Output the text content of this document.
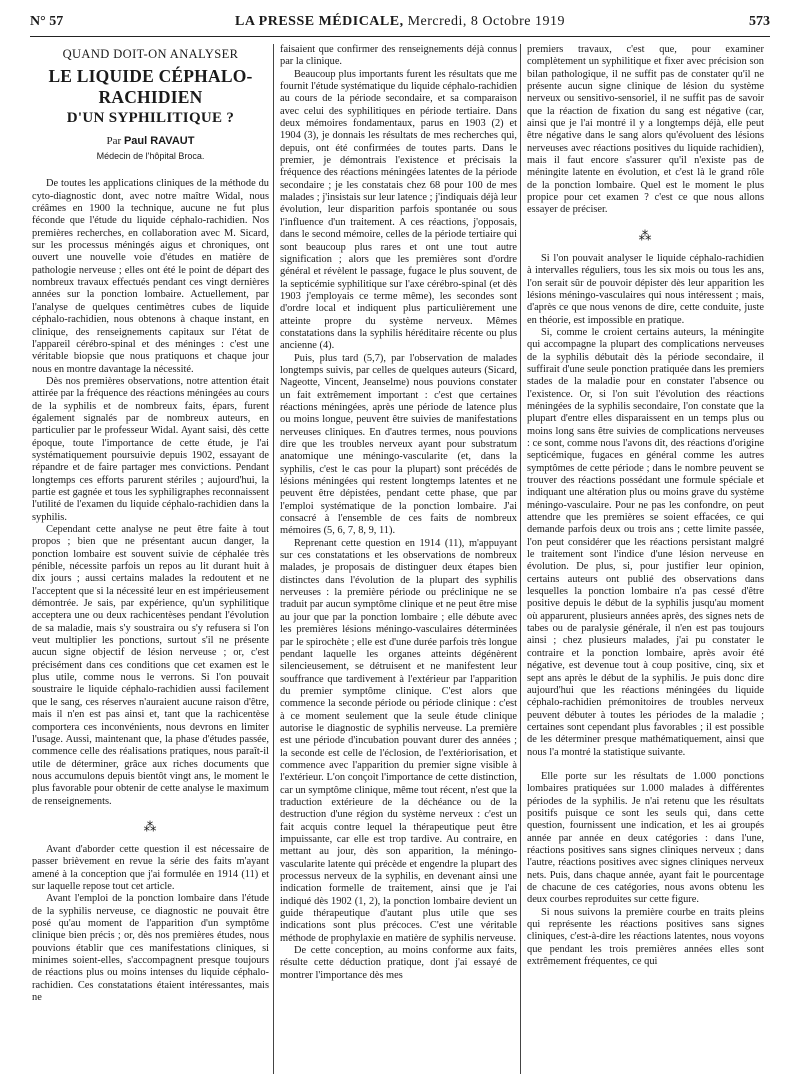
N° 57	LA PRESSE MÉDICALE, Mercredi, 8 Octobre 1919	573
QUAND DOIT-ON ANALYSER
LE LIQUIDE CÉPHALO-RACHIDIEN
D'UN SYPHILITIQUE ?
Par Paul RAVAUT
Médecin de l'hôpital Broca.

De toutes les applications cliniques de la méthode du cyto-diagnostic dont, avec notre maître Widal, nous créâmes en 1900 la technique, aucune ne fut plus féconde que l'étude du liquide céphalo-rachidien. Nos premières recherches, en collaboration avec M. Sicard, sur les processus méningés aigus et chroniques, ont ouvert une nouvelle voie d'études en matière de pathologie nerveuse ; elles ont été le point de départ des nombreux travaux effectués pendant ces vingt dernières années sur la ponction lombaire. Actuellement, par l'analyse de quelques centimètres cubes de liquide céphalo-rachidien, nous obtenons à chaque instant, en clinique, des renseignements capitaux sur l'état de l'appareil cérébro-spinal et des méninges : c'est une véritable biopsie que nous pratiquons et chaque jour nous en montre davantage la nécessité.

Dès nos premières observations, notre attention était attirée par la fréquence des réactions méningées au cours de la syphilis et de nombreux faits, épars, furent également signalés par de nombreux auteurs, en particulier par le professeur Widal. Ayant saisi, dès cette époque, toute l'importance de cette étude, je l'ai systématiquement poursuivie depuis 1902, essayant de répandre et de faire partager mes convictions. Pendant longtemps ces efforts parurent stériles ; aujourd'hui, la partie est gagnée et tous les syphiligraphes reconnaissent l'utilité de l'examen du liquide céphalo-rachidien dans la syphilis.

Cependant cette analyse ne peut être faite à tout propos ; bien que ne présentant aucun danger, la ponction lombaire est souvent suivie de céphalée très pénible, nécessite parfois un repos au lit durant huit à dix jours ; aussi certains malades la redoutent et ne l'acceptent que si la nécessité leur en est impérieusement démontrée. Je sais, par expérience, qu'un syphilitique acceptera une ou deux rachicentèses pendant l'évolution de sa maladie, mais s'y soustraira ou s'y refusera si l'on veut multiplier les ponctions, surtout s'il ne présente aucun signe objectif de lésion nerveuse ; or, c'est précisément dans ces conditions que cet examen est le plus utile, comme nous le verrons. Si l'on pouvait soustraire le liquide céphalo-rachidien aussi facilement que le sang, ces réserves n'auraient aucune raison d'être, mais il n'en est pas ainsi et, tant que la rachicentèse comportera ces inconvénients, nous devrons en limiter l'usage. Aussi, maintenant que, la phase d'études passée, commence celle des réalisations pratiques, nous paraît-il utile de déterminer, grâce aux riches documents que nous accumulons depuis bientôt vingt ans, le moment le plus favorable pour obtenir de cette analyse le maximum de renseignements.

⁂

Avant d'aborder cette question il est nécessaire de passer brièvement en revue la série des faits m'ayant amené à la conception que j'ai formulée en 1914 (11) et sur laquelle repose tout cet article.

Avant l'emploi de la ponction lombaire dans l'étude de la syphilis nerveuse, ce diagnostic ne pouvait être posé qu'au moment de l'apparition d'un symptôme clinique bien précis ; or, dès nos premières études, nous pouvions établir que ces manifestations cliniques, si minimes soient-elles, s'accompagnent presque toujours de réactions plus ou moins intenses du liquide céphalo-rachidien. Ces constatations étaient intéressantes, mais ne

faisaient que confirmer des renseignements déjà connus par la clinique.

Beaucoup plus importants furent les résultats que me fournit l'étude systématique du liquide céphalo-rachidien au cours de la période secondaire, et sa comparaison avec celui des syphilitiques en période tertiaire. Dans deux mémoires fondamentaux, parus en 1903 (2) et 1904 (3), je donnais les résultats de mes recherches qui, depuis, ont été confirmées de toutes parts. Dans le premier, je démontrais l'existence et précisais la fréquence des réactions méningées latentes de la période secondaire ; je les constatais chez 68 pour 100 de mes malades ; j'insistais sur leur latence ; j'indiquais déjà leur évolution, leur disparition parfois spontanée ou sous l'influence d'un traitement. A ces réactions, j'opposais, dans le second mémoire, celles de la période tertiaire qui sont beaucoup plus rares et ont une tout autre signification ; alors que les premières sont d'ordre général et révèlent le passage, fugace le plus souvent, de la septicémie syphilitique sur l'axe cérébro-spinal (et dès 1903 j'employais ce terme même), les secondes sont d'ordre local et indiquent plus particulièrement une atteinte propre du système nerveux. Mêmes constatations dans la syphilis héréditaire récente ou plus ancienne (4).

Puis, plus tard (5,7), par l'observation de malades longtemps suivis, par celles de quelques auteurs (Sicard, Nageotte, Vincent, Jeanselme) nous pouvions constater un fait extrêmement important : c'est que certaines réactions méningées, après une période de latence plus ou moins longue, peuvent être suivies de manifestations nerveuses cliniques. En d'autres termes, nous pouvions dire que les troubles nerveux ayant pour substratum anatomique une méningo-vascularite (et, dans la syphilis, c'est le cas pour la plupart) sont précédés de lésions méningées qui restent longtemps latentes et ne peuvent être dépistées, pendant cette phase, que par l'emploi systématique de la ponction lombaire. J'ai consacré à l'ensemble de ces faits de nombreux mémoires (5, 6, 7, 8, 9, 11).

Reprenant cette question en 1914 (11), m'appuyant sur ces constatations et les observations de nombreux malades, je proposais de distinguer deux étapes bien distinctes dans l'évolution de la plupart des syphilis nerveuses : la première période ou préclinique ne se traduit par aucun symptôme clinique et ne peut être mise au jour que par la ponction lombaire ; elle débute avec les premières lésions méningo-vasculaires déterminées par le spirochète ; elle est d'une durée parfois très longue pendant laquelle les organes atteints dégénèrent silencieusement, se détruisent et ne manifestent leur souffrance que tardivement à l'extérieur par l'apparition du premier symptôme clinique. C'est alors que commence la seconde période ou période clinique : c'est à ce moment seulement que la seule étude clinique autorise le diagnostic de syphilis nerveuse. La première est une période d'incubation pouvant durer des années ; la seconde est celle de l'éclosion, de l'extériorisation, et commence avec l'apparition du premier signe visible à l'extérieur. L'on conçoit l'importance de cette distinction, car un symptôme clinique, même tout récent, n'est que la traduction extérieure de la déchéance ou de la destruction d'une région du système nerveux : c'est un fait acquis contre lequel la thérapeutique peut être impuissante, car elle est trop tardive. Au contraire, en mettant au jour, dès son apparition, la méningo-vascularite latente qui précède et engendre la plupart des processus nerveux de la syphilis, en devenant ainsi une indication formelle de traitement, ainsi que je l'ai indiqué dès 1902 (1, 2), la ponction lombaire devient un guide thérapeutique d'autant plus utile que ses indications sont plus précoces. C'est une véritable méthode de prophylaxie en matière de syphilis nerveuse.

De cette conception, au moins conforme aux faits, résulte cette déduction pratique, dont j'ai essayé de montrer l'importance dès mes

premiers travaux, c'est que, pour examiner complètement un syphilitique et fixer avec précision son bilan pathologique, il ne suffit pas de constater qu'il ne présente aucun signe clinique de lésion du système nerveux ou sensitivo-sensoriel, il ne suffit pas de savoir que la réaction de fixation du sang est négative (car, ainsi que je l'ai montré il y a longtemps déjà, elle peut être négative dans le sang alors qu'évoluent des lésions nerveuses avec réactions positives du liquide rachidien), mais il faut encore s'assurer qu'il n'existe pas de méningite latente en évolution, et c'est là le grand rôle de la ponction lombaire. Quel est le moment le plus propice pour cet examen ? c'est ce que nous allons essayer de préciser.

⁂

Si l'on pouvait analyser le liquide céphalo-rachidien à intervalles réguliers, tous les six mois ou tous les ans, l'on serait sûr de pouvoir dépister dès leur apparition les lésions méningo-vasculaires qui nous intéressent ; mais, d'après ce que nous venons de dire, cette conduite, juste en théorie, est impossible en pratique.

Si, comme le croient certains auteurs, la méningite qui accompagne la plupart des complications nerveuses de la syphilis débutait dès la période secondaire, il suffirait d'une seule ponction pratiquée dans les premiers stades de la maladie pour en constater l'absence ou l'existence. Or, si l'on suit l'évolution des réactions méningées de la syphilis secondaire, l'on constate que la plupart d'entre elles disparaissent en un temps plus ou moins long sans être suivies de complications nerveuses : ce sont, comme nous l'avons dit, des réactions d'origine septicémique, fugaces en général comme les autres symptômes de cette période ; dans le nombre peuvent se trouver des réactions possédant une formule spéciale et indiquant une altération plus ou moins grave du système méningo-vasculaire. Pour ne pas les confondre, on peut attendre que les premières se soient effacées, ce qui demande parfois deux ou trois ans ; cette limite passée, l'on peut considérer que les réactions persistant malgré le traitement sont l'indice d'une lésion nerveuse en évolution. De plus, si, pour justifier leur opinion, certains auteurs ont publié des observations dans lesquelles la ponction lombaire n'a pas cessé d'être positive depuis le début de la syphilis jusqu'au moment où apparurent, plusieurs années après, des signes nets de tabes ou de paralysie générale, il n'en est pas toujours ainsi ; chez plusieurs malades, j'ai pu constater le contraire et la ponction lombaire, après avoir été négative, est devenue tout à coup positive, cinq, six et sept ans après le début de la syphilis. Je puis donc dire aujourd'hui que les réactions méningées du liquide céphalo-rachidien prémonitoires de troubles nerveux peuvent débuter à toutes les périodes de la maladie ; certaines sont cependant plus favorables ; il est possible de les déterminer presque mathématiquement, ainsi que nous l'a montré la statistique suivante.

Elle porte sur les résultats de 1.000 ponctions lombaires pratiquées sur 1.000 malades à différentes périodes de la syphilis. Je n'ai retenu que les résultats positifs puisque ce sont les seuls qui, dans cette question, fournissent une indication, et les ai groupés année par année en deux catégories : dans l'une, réactions positives sans signes cliniques nerveux ; dans l'autre, réactions positives avec signes cliniques nerveux nets. Puis, dans chaque année, ayant fait le pourcentage de chacune de ces catégories, nous avons obtenu les deux courbes reproduites sur cette figure.

Si nous suivons la première courbe en traits pleins qui représente les réactions positives sans signes cliniques, c'est-à-dire les réactions latentes, nous voyons que pendant les trois premières années elles sont extrêmement fréquentes, ce qui
